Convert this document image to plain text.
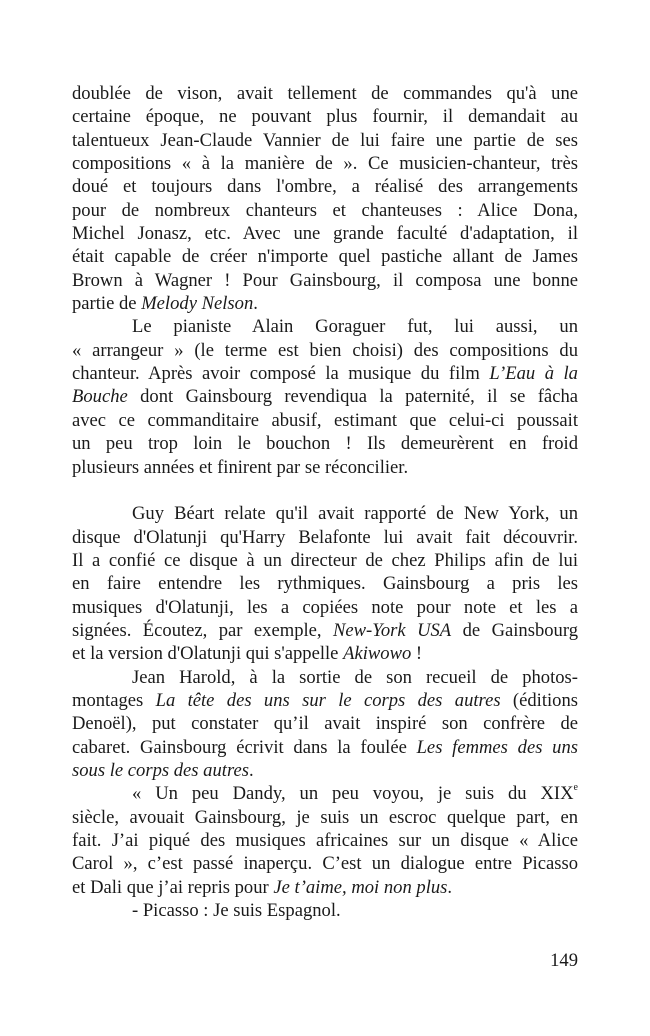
doublée de vison, avait tellement de commandes qu'à une
certaine époque, ne pouvant plus fournir, il demandait au
talentueux Jean-Claude Vannier de lui faire une partie de ses
compositions « à la manière de ». Ce musicien-chanteur, très
doué et toujours dans l'ombre, a réalisé des arrangements
pour de nombreux chanteurs et chanteuses : Alice Dona,
Michel Jonasz, etc. Avec une grande faculté d'adaptation, il
était capable de créer n'importe quel pastiche allant de James
Brown à Wagner ! Pour Gainsbourg, il composa une bonne
partie de Melody Nelson.
Le pianiste Alain Goraguer fut, lui aussi, un
« arrangeur » (le terme est bien choisi) des compositions du
chanteur. Après avoir composé la musique du film L’Eau à la
Bouche dont Gainsbourg revendiqua la paternité, il se fâcha
avec ce commanditaire abusif, estimant que celui-ci poussait
un peu trop loin le bouchon ! Ils demeurèrent en froid
plusieurs années et finirent par se réconcilier.
Guy Béart relate qu'il avait rapporté de New York, un
disque d'Olatunji qu'Harry Belafonte lui avait fait découvrir.
Il a confié ce disque à un directeur de chez Philips afin de lui
en faire entendre les rythmiques. Gainsbourg a pris les
musiques d'Olatunji, les a copiées note pour note et les a
signées. Écoutez, par exemple, New-York USA de Gainsbourg
et la version d'Olatunji qui s'appelle Akiwowo !
Jean Harold, à la sortie de son recueil de photos-
montages La tête des uns sur le corps des autres (éditions
Denoël), put constater qu’il avait inspiré son confrère de
cabaret. Gainsbourg écrivit dans la foulée Les femmes des uns
sous le corps des autres.
« Un peu Dandy, un peu voyou, je suis du XIXe
siècle, avouait Gainsbourg, je suis un escroc quelque part, en
fait. J’ai piqué des musiques africaines sur un disque « Alice
Carol », c’est passé inaperçu. C’est un dialogue entre Picasso
et Dali que j’ai repris pour Je t’aime, moi non plus.
- Picasso : Je suis Espagnol.
149
